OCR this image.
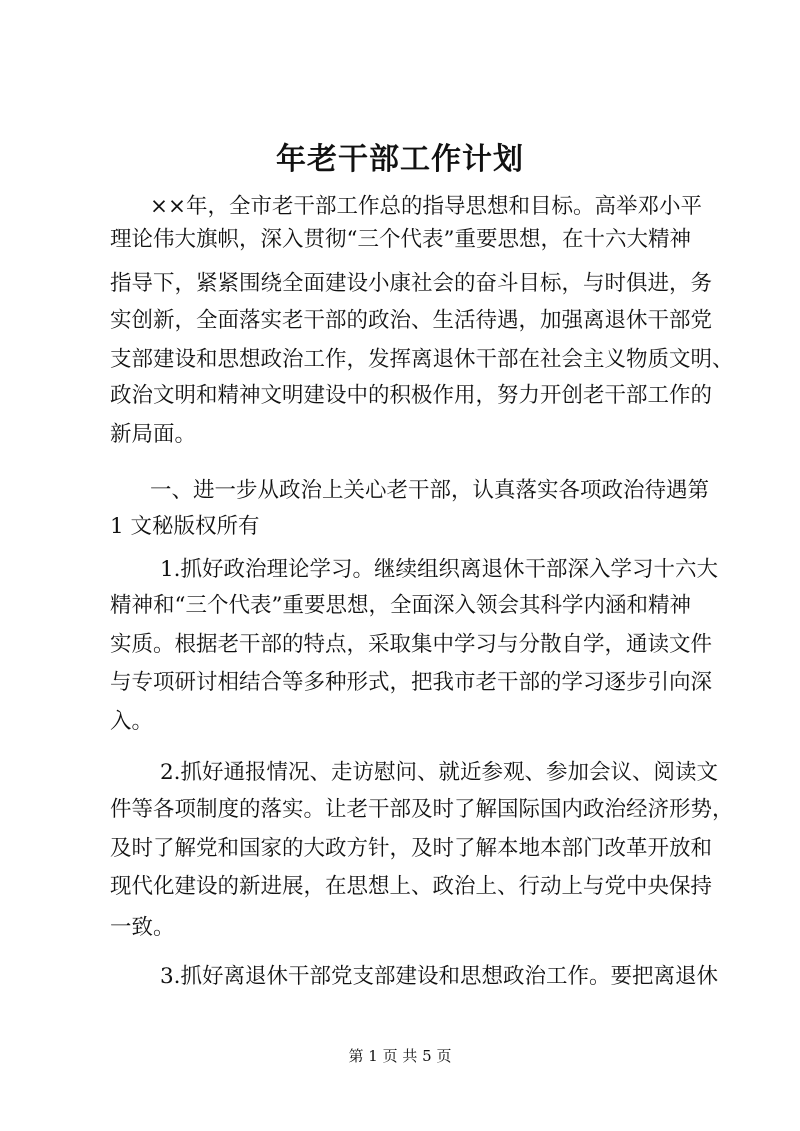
年老干部工作计划
××年，全市老干部工作总的指导思想和目标。高举邓小平
理论伟大旗帜，深入贯彻“三个代表”重要思想，在十六大精神
指导下，紧紧围绕全面建设小康社会的奋斗目标，与时俱进，务
实创新，全面落实老干部的政治、生活待遇，加强离退休干部党
支部建设和思想政治工作，发挥离退休干部在社会主义物质文明、
政治文明和精神文明建设中的积极作用，努力开创老干部工作的
新局面。
一、进一步从政治上关心老干部，认真落实各项政治待遇第
1 文秘版权所有
1.抓好政治理论学习。继续组织离退休干部深入学习十六大
精神和“三个代表”重要思想，全面深入领会其科学内涵和精神
实质。根据老干部的特点，采取集中学习与分散自学，通读文件
与专项研讨相结合等多种形式，把我市老干部的学习逐步引向深
入。
2.抓好通报情况、走访慰问、就近参观、参加会议、阅读文
件等各项制度的落实。让老干部及时了解国际国内政治经济形势，
及时了解党和国家的大政方针，及时了解本地本部门改革开放和
现代化建设的新进展，在思想上、政治上、行动上与党中央保持
一致。
3.抓好离退休干部党支部建设和思想政治工作。要把离退休
第 1 页 共 5 页
